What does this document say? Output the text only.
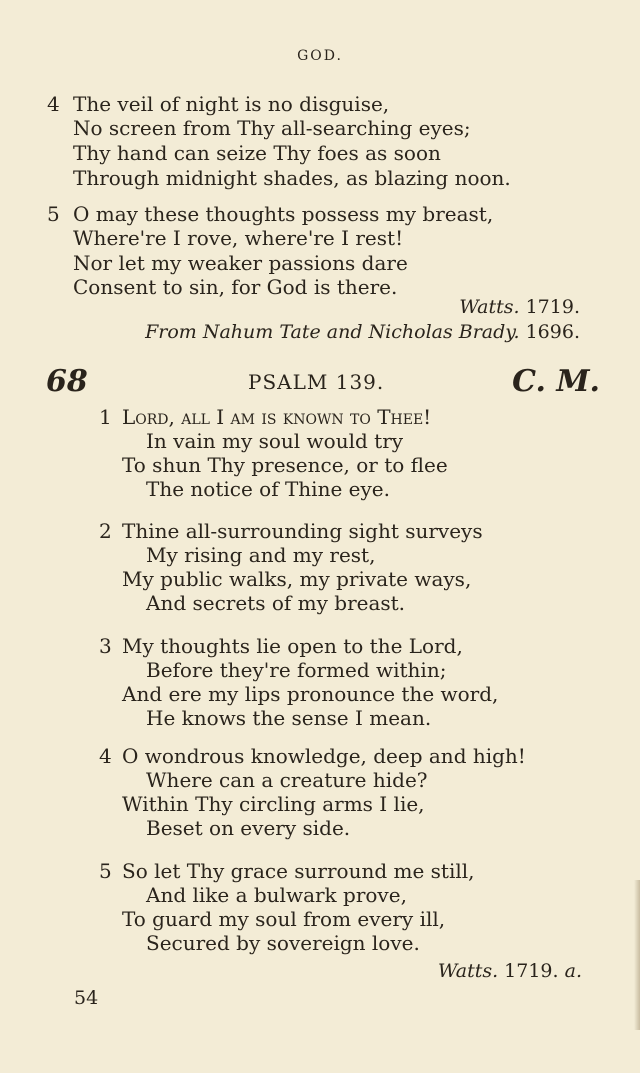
GOD.
4 The veil of night is no disguise,
No screen from Thy all-searching eyes;
Thy hand can seize Thy foes as soon
Through midnight shades, as blazing noon.
5 O may these thoughts possess my breast,
Where're I rove, where're I rest!
Nor let my weaker passions dare
Consent to sin, for God is there.
Watts. 1719.
From Nahum Tate and Nicholas Brady. 1696.
68	PSALM 139.	C. M.
1 Lord, all I am is known to Thee!
In vain my soul would try
To shun Thy presence, or to flee
The notice of Thine eye.
2 Thine all-surrounding sight surveys
My rising and my rest,
My public walks, my private ways,
And secrets of my breast.
3 My thoughts lie open to the Lord,
Before they're formed within;
And ere my lips pronounce the word,
He knows the sense I mean.
4 O wondrous knowledge, deep and high!
Where can a creature hide?
Within Thy circling arms I lie,
Beset on every side.
5 So let Thy grace surround me still,
And like a bulwark prove,
To guard my soul from every ill,
Secured by sovereign love.
Watts. 1719. a.
54
